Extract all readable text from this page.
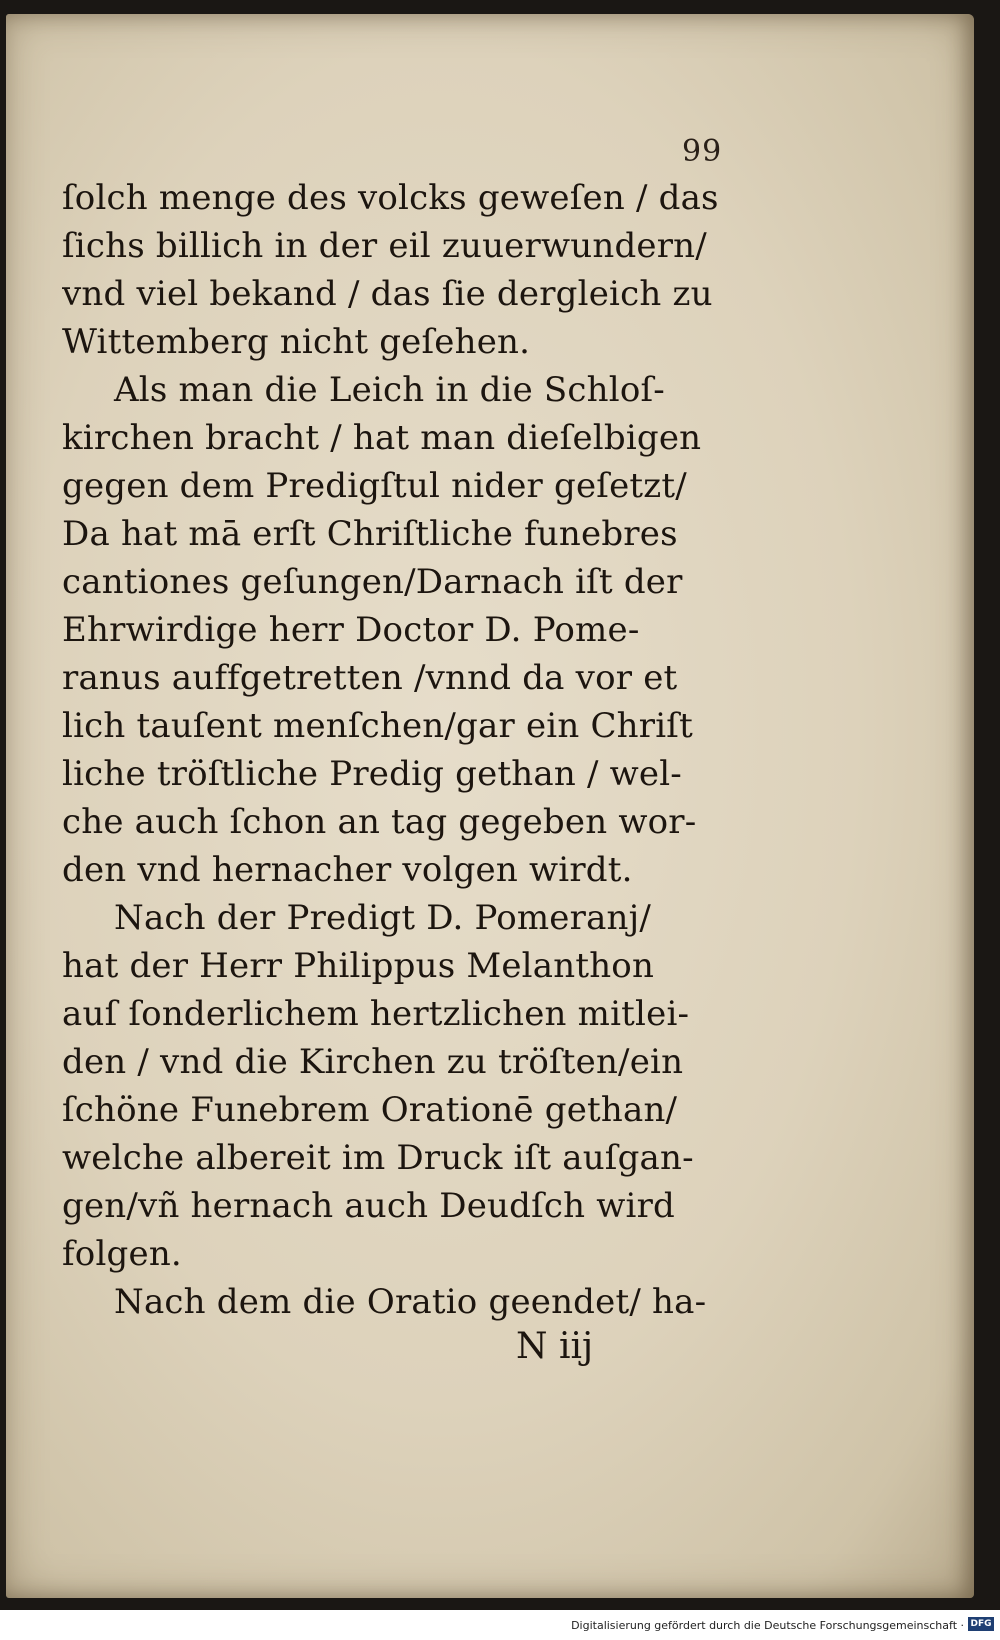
99
ſolch menge des volcks geweſen / das
ſichs billich in der eil zuuerwundern/
vnd viel bekand / das ſie dergleich zu
Wittemberg nicht geſehen.
Als man die Leich in die Schloſ-
kirchen bracht / hat man dieſelbigen
gegen dem Predigſtul nider geſetzt/
Da hat mā erſt Chriſtliche funebres
cantiones geſungen/Darnach iſt der
Ehrwirdige herr Doctor D. Pome-
ranus auffgetretten /vnnd da vor et
lich tauſent menſchen/gar ein Chriſt
liche tröſtliche Predig gethan / wel-
che auch ſchon an tag gegeben wor-
den vnd hernacher volgen wirdt.
Nach der Predigt D. Pomeranj/
hat der Herr Philippus Melanthon
auſ ſonderlichem hertzlichen mitlei-
den / vnd die Kirchen zu tröſten/ein
ſchöne Funebrem Orationē gethan/
welche albereit im Druck iſt auſgan-
gen/vñ hernach auch Deudſch wird
folgen.
Nach dem die Oratio geendet/ ha-
N iij
Digitalisierung gefördert durch die Deutsche Forschungsgemeinschaft · DFG
